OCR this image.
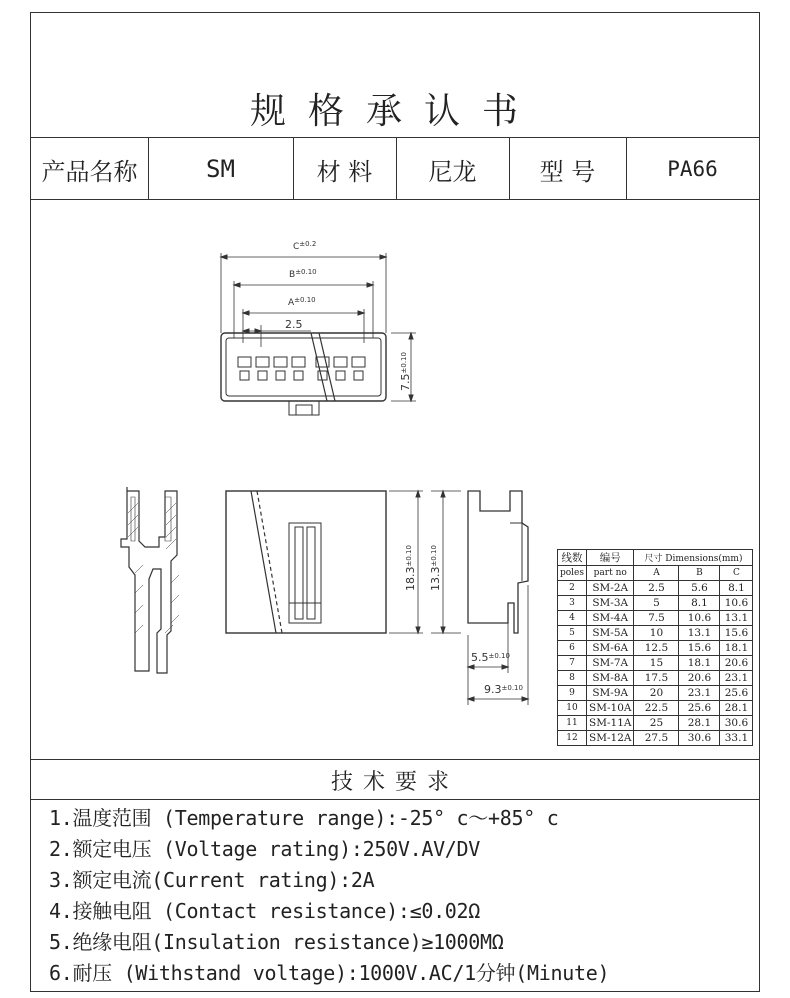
规格承认书
产品名称	SM	材 料	尼龙	型 号	PA66
$C^{\pm 0.2}$
$B^{\pm 0.10}$
$A^{\pm 0.10}$
2.5
$7.5^{\pm 0.10}$
$18.3^{\pm 0.10}$
$13.3^{\pm 0.10}$
$5.5^{\pm 0.10}$
$9.3^{\pm 0.10}$
线数	编号	尺寸 Dimensions(mm)		
poles	part no	A	B	C
2	SM-2A	2.5	5.6	8.1
3	SM-3A	5	8.1	10.6
4	SM-4A	7.5	10.6	13.1
5	SM-5A	10	13.1	15.6
6	SM-6A	12.5	15.6	18.1
7	SM-7A	15	18.1	20.6
8	SM-8A	17.5	20.6	23.1
9	SM-9A	20	23.1	25.6
10	SM-10A	22.5	25.6	28.1
11	SM-11A	25	28.1	30.6
12	SM-12A	27.5	30.6	33.1
技术要求
1.温度范围 (Temperature range):-25° c～+85° c
2.额定电压 (Voltage rating):250V.AV/DV
3.额定电流(Current rating):2A
4.接触电阻 (Contact resistance):≤0.02Ω
5.绝缘电阻(Insulation resistance)≥1000MΩ
6.耐压 (Withstand voltage):1000V.AC/1分钟(Minute)
